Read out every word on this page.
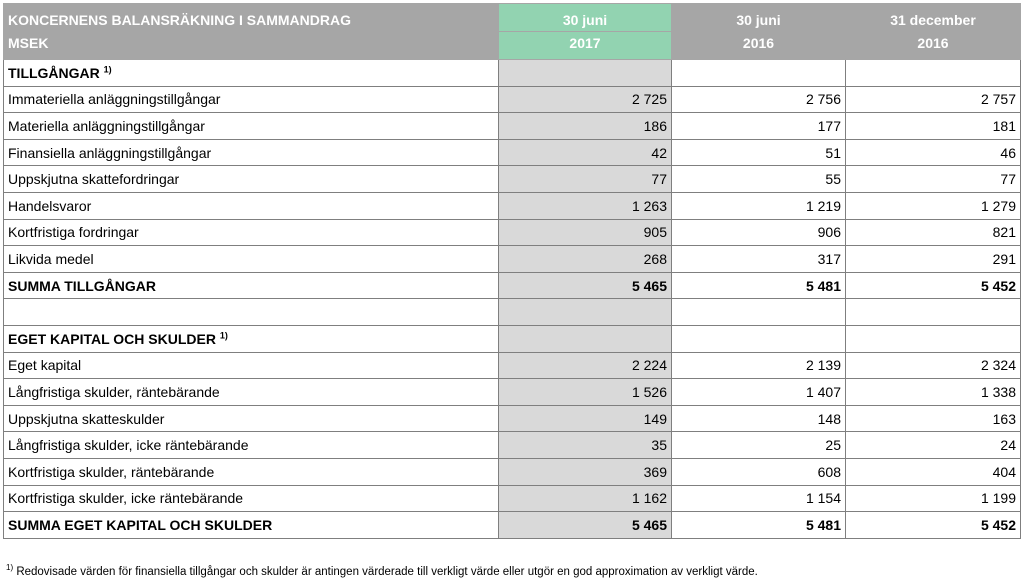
KONCERNENS BALANSRÄKNING I SAMMANDRAG	30 juni	30 juni	31 december
MSEK	2017	2016	2016
TILLGÅNGAR $^{1)}$			
Immateriella anläggningstillgångar	2 725	2 756	2 757
Materiella anläggningstillgångar	186	177	181
Finansiella anläggningstillgångar	42	51	46
Uppskjutna skattefordringar	77	55	77
Handelsvaror	1 263	1 219	1 279
Kortfristiga fordringar	905	906	821
Likvida medel	268	317	291
SUMMA TILLGÅNGAR	5 465	5 481	5 452

EGET KAPITAL OCH SKULDER $^{1)}$			
Eget kapital	2 224	2 139	2 324
Långfristiga skulder, räntebärande	1 526	1 407	1 338
Uppskjutna skatteskulder	149	148	163
Långfristiga skulder, icke räntebärande	35	25	24
Kortfristiga skulder, räntebärande	369	608	404
Kortfristiga skulder, icke räntebärande	1 162	1 154	1 199
SUMMA EGET KAPITAL OCH SKULDER	5 465	5 481	5 452
$^{1)}$ Redovisade värden för finansiella tillgångar och skulder är antingen värderade till verkligt värde eller utgör en god approximation av verkligt värde.
